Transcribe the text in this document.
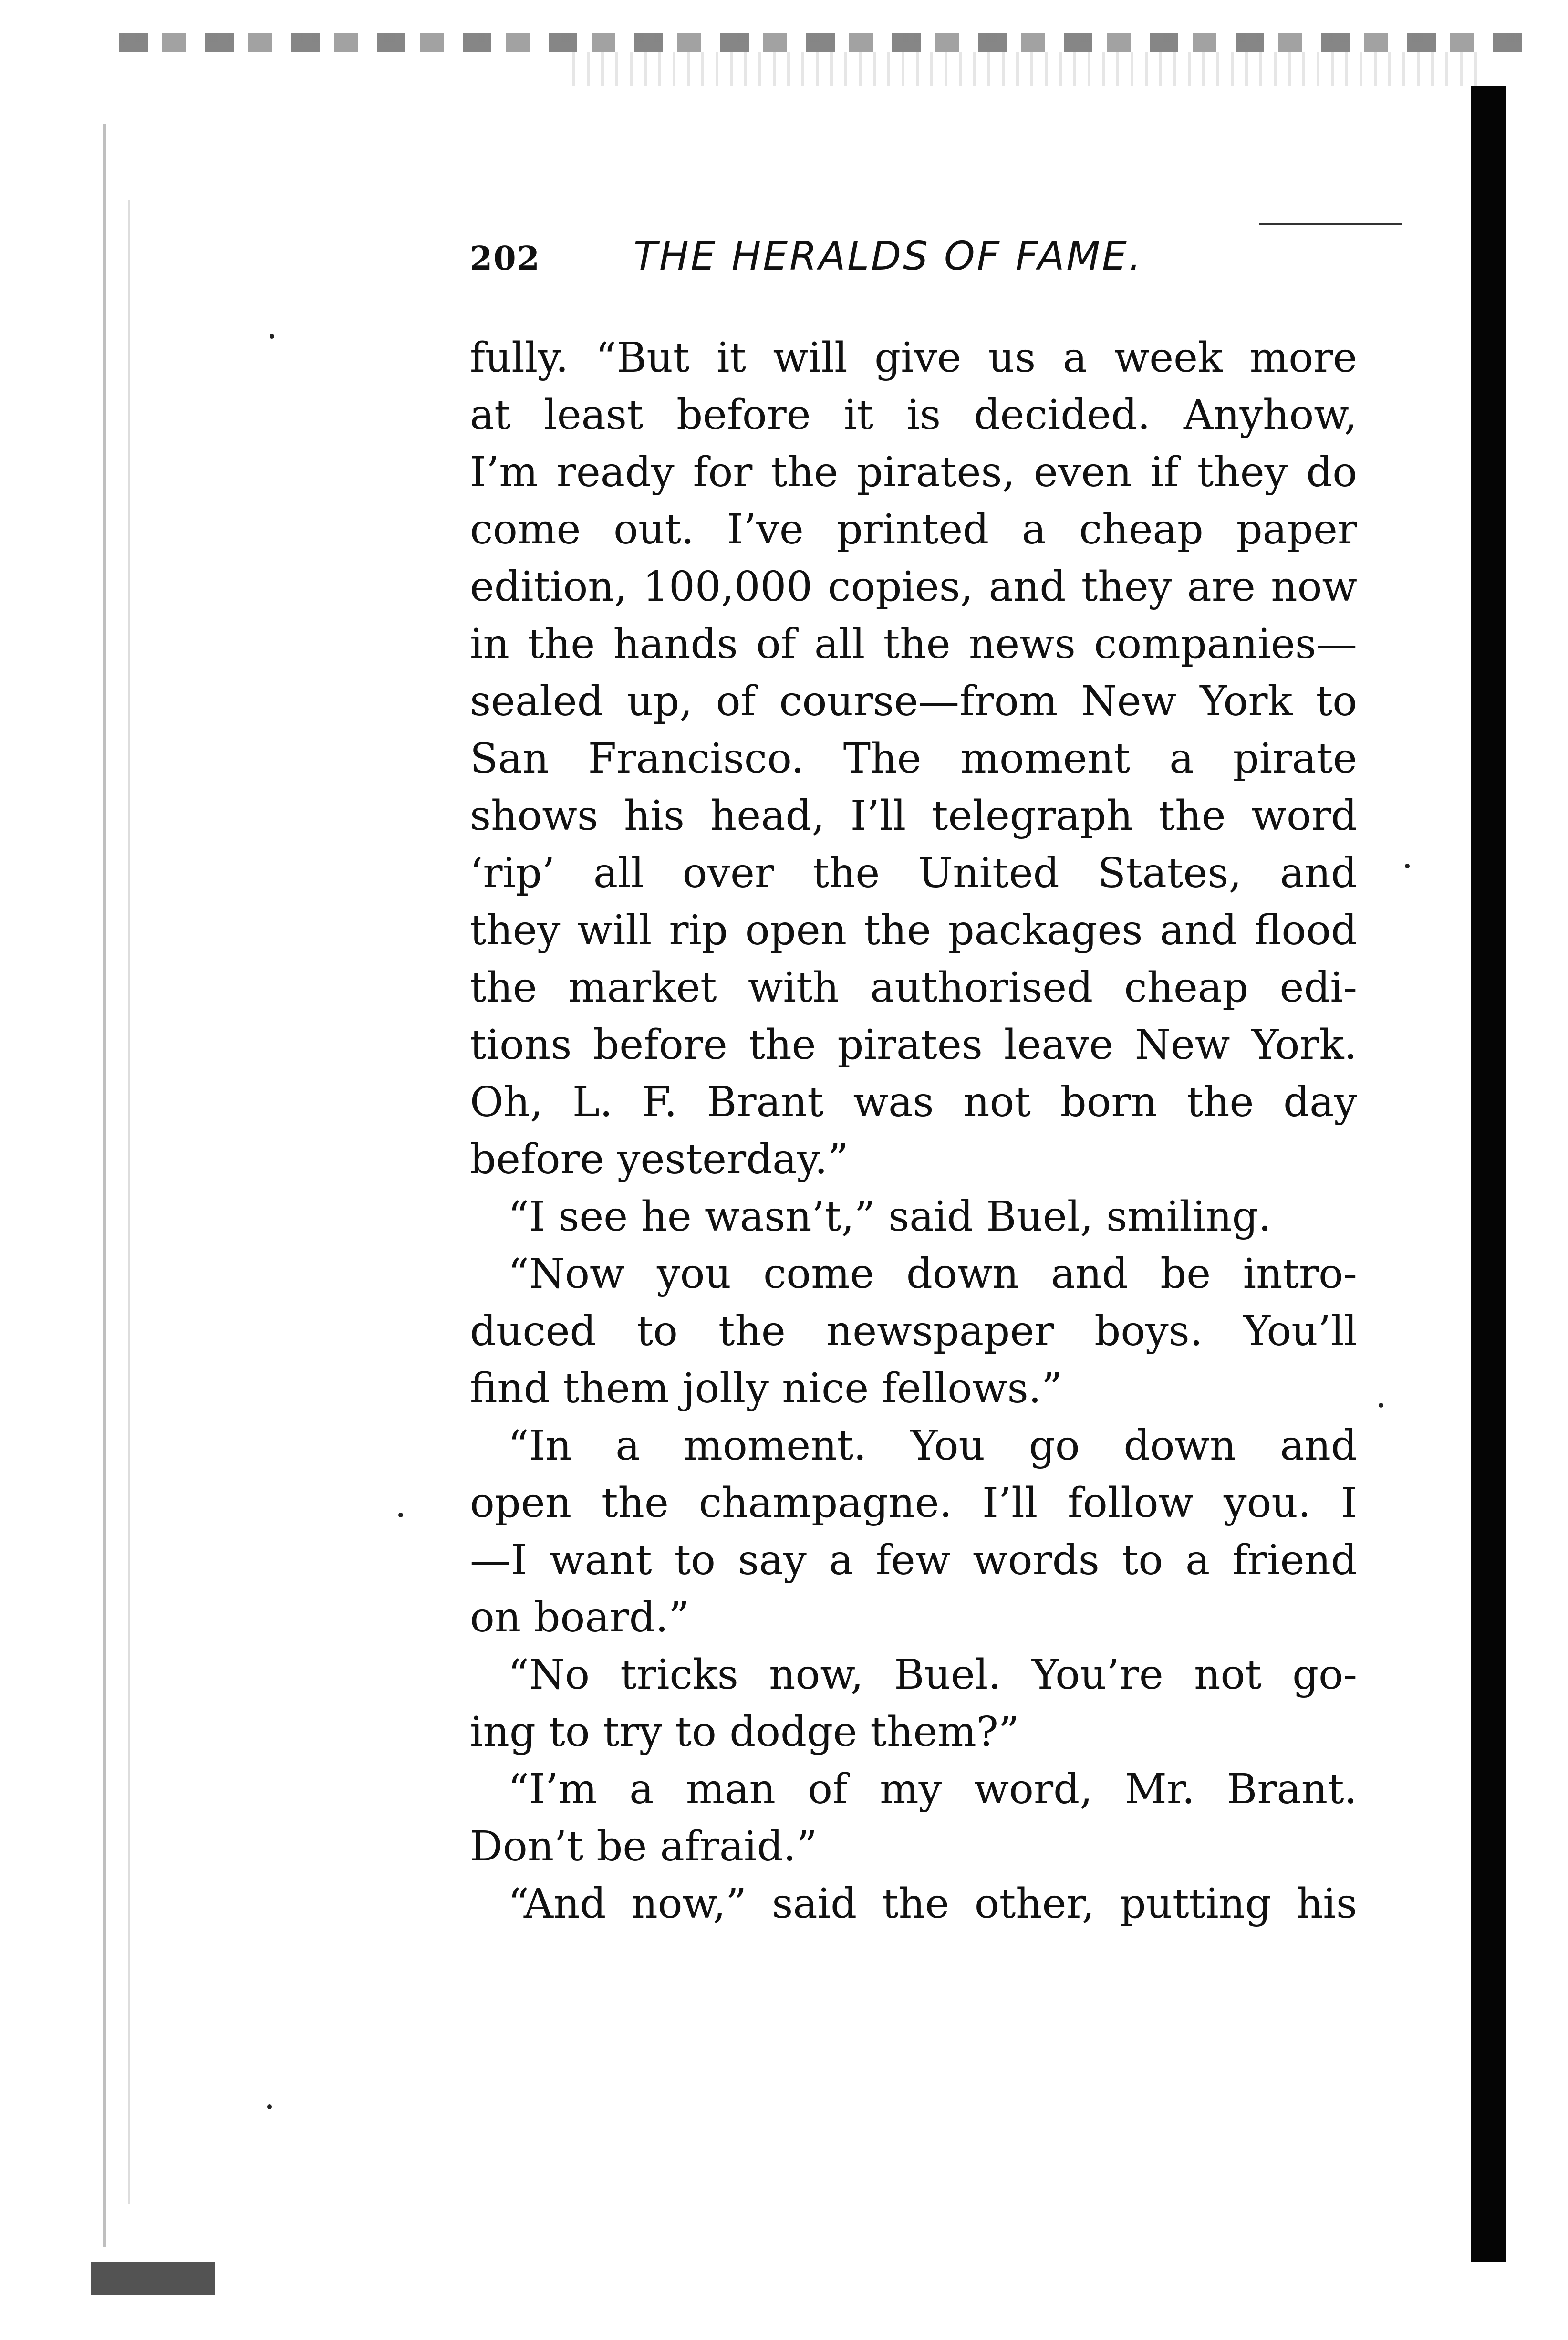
202 THE HERALDS OF FAME.
fully. “But it will give us a week more
at least before it is decided. Anyhow,
I’m ready for the pirates, even if they do
come out. I’ve printed a cheap paper
edition, 100,000 copies, and they are now
in the hands of all the news companies—
sealed up, of course—from New York to
San Francisco. The moment a pirate
shows his head, I’ll telegraph the word
‘rip’ all over the United States, and
they will rip open the packages and flood
the market with authorised cheap edi-
tions before the pirates leave New York.
Oh, L. F. Brant was not born the day
before yesterday.”
“I see he wasn’t,” said Buel, smiling.
“Now you come down and be intro-
duced to the newspaper boys. You’ll
find them jolly nice fellows.”
“In a moment. You go down and
open the champagne. I’ll follow you. I
—I want to say a few words to a friend
on board.”
“No tricks now, Buel. You’re not go-
ing to try to dodge them?”
“I’m a man of my word, Mr. Brant.
Don’t be afraid.”
“And now,” said the other, putting his
